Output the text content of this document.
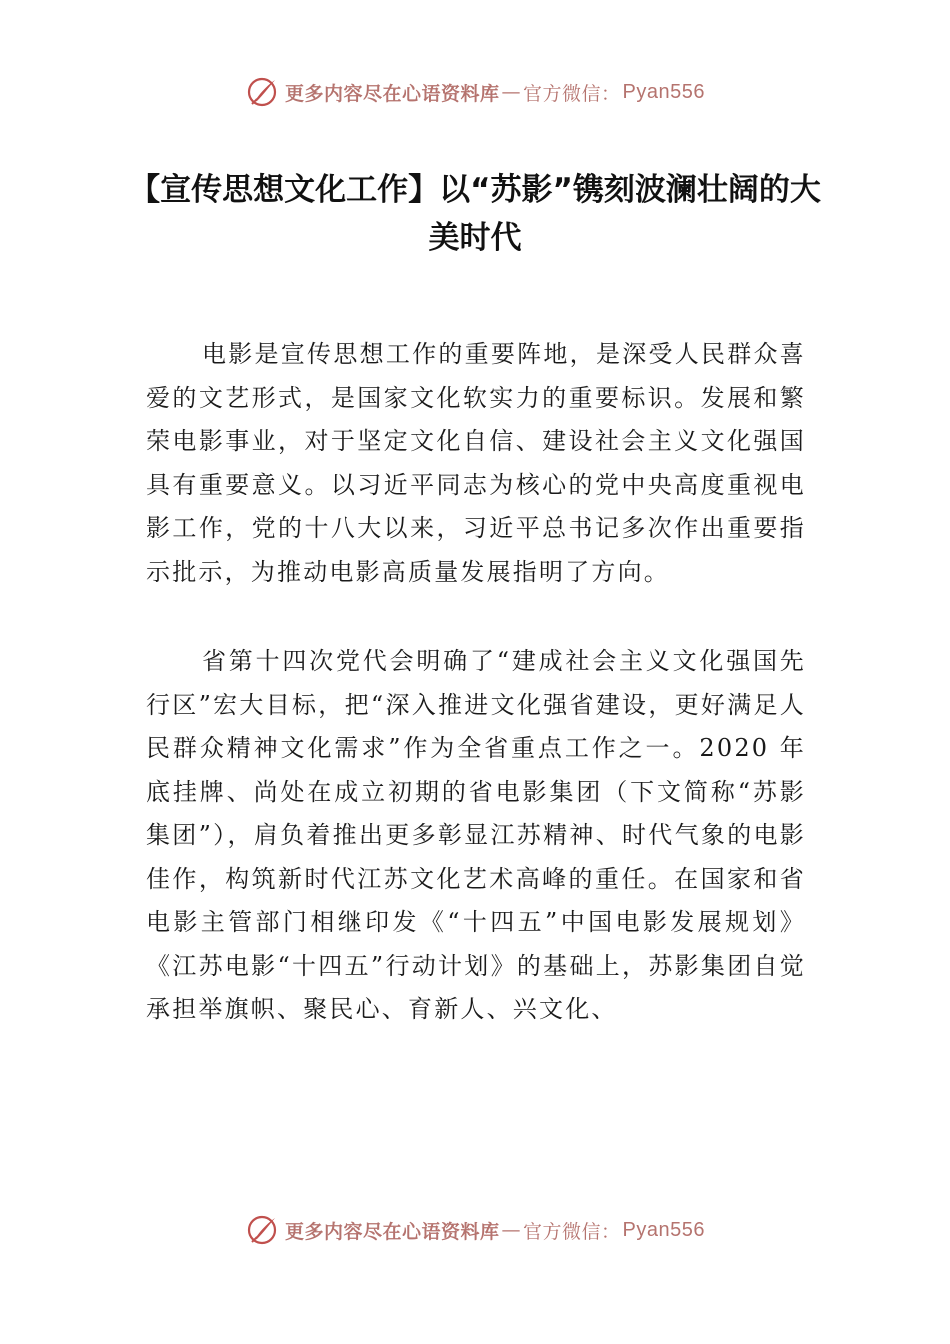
更多内容尽在心语资料库 — 官方微信： Pyan556
【宣传思想文化工作】以“苏影”镌刻波澜壮阔的大美时代

电影是宣传思想工作的重要阵地，是深受人民群众喜爱的文艺形式，是国家文化软实力的重要标识。发展和繁荣电影事业，对于坚定文化自信、建设社会主义文化强国具有重要意义。以习近平同志为核心的党中央高度重视电影工作，党的十八大以来，习近平总书记多次作出重要指示批示，为推动电影高质量发展指明了方向。

省第十四次党代会明确了“建成社会主义文化强国先行区”宏大目标，把“深入推进文化强省建设，更好满足人民群众精神文化需求”作为全省重点工作之一。2020 年底挂牌、尚处在成立初期的省电影集团（下文简称“苏影集团”），肩负着推出更多彰显江苏精神、时代气象的电影佳作，构筑新时代江苏文化艺术高峰的重任。在国家和省电影主管部门相继印发《“十四五”中国电影发展规划》《江苏电影“十四五”行动计划》的基础上，苏影集团自觉承担举旗帜、聚民心、育新人、兴文化、

更多内容尽在心语资料库 — 官方微信： Pyan556
